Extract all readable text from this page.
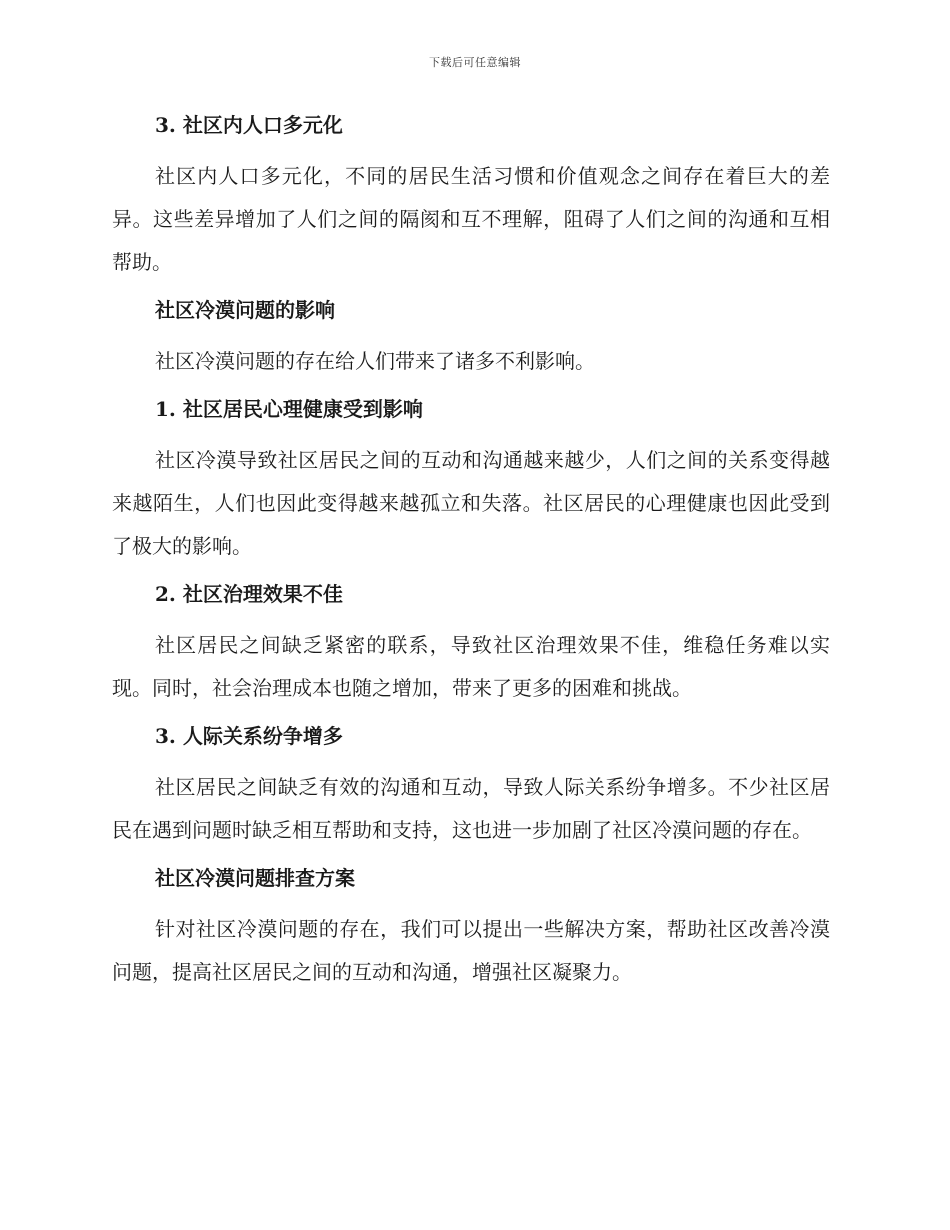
下载后可任意编辑
3. 社区内人口多元化

社区内人口多元化，不同的居民生活习惯和价值观念之间存在着巨大的差异。这些差异增加了人们之间的隔阂和互不理解，阻碍了人们之间的沟通和互相帮助。

社区冷漠问题的影响

社区冷漠问题的存在给人们带来了诸多不利影响。

1. 社区居民心理健康受到影响

社区冷漠导致社区居民之间的互动和沟通越来越少，人们之间的关系变得越来越陌生，人们也因此变得越来越孤立和失落。社区居民的心理健康也因此受到了极大的影响。

2. 社区治理效果不佳

社区居民之间缺乏紧密的联系，导致社区治理效果不佳，维稳任务难以实现。同时，社会治理成本也随之增加，带来了更多的困难和挑战。

3. 人际关系纷争增多

社区居民之间缺乏有效的沟通和互动，导致人际关系纷争增多。不少社区居民在遇到问题时缺乏相互帮助和支持，这也进一步加剧了社区冷漠问题的存在。

社区冷漠问题排查方案

针对社区冷漠问题的存在，我们可以提出一些解决方案，帮助社区改善冷漠问题，提高社区居民之间的互动和沟通，增强社区凝聚力。
